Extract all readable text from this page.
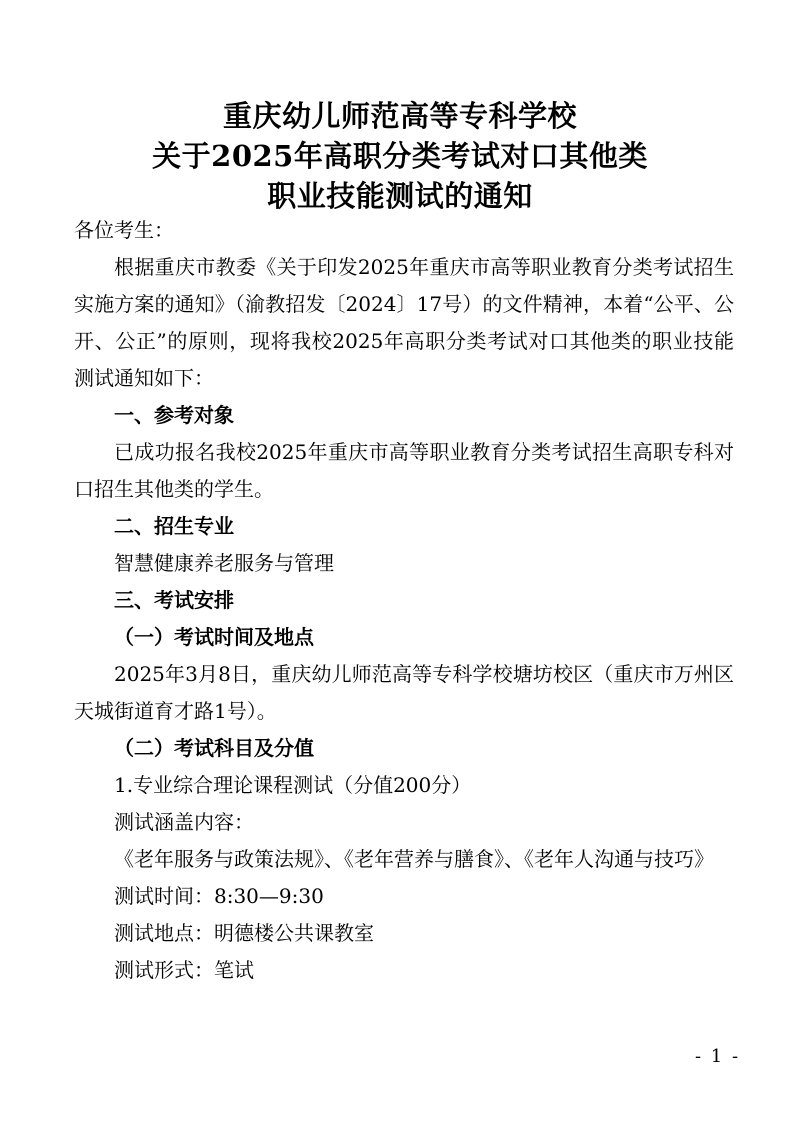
重庆幼儿师范高等专科学校
关于2025年高职分类考试对口其他类
职业技能测试的通知

各位考生：

根据重庆市教委《关于印发2025年重庆市高等职业教育分类考试招生实施方案的通知》（渝教招发〔2024〕17号）的文件精神，本着“公平、公开、公正”的原则，现将我校2025年高职分类考试对口其他类的职业技能测试通知如下：

一、参考对象

已成功报名我校2025年重庆市高等职业教育分类考试招生高职专科对口招生其他类的学生。

二、招生专业

智慧健康养老服务与管理

三、考试安排

（一）考试时间及地点

2025年3月8日，重庆幼儿师范高等专科学校塘坊校区（重庆市万州区天城街道育才路1号）。

（二）考试科目及分值

1.专业综合理论课程测试（分值200分）

测试涵盖内容：

《老年服务与政策法规》、《老年营养与膳食》、《老年人沟通与技巧》

测试时间：8:30—9:30

测试地点：明德楼公共课教室

测试形式：笔试

- 1 -
